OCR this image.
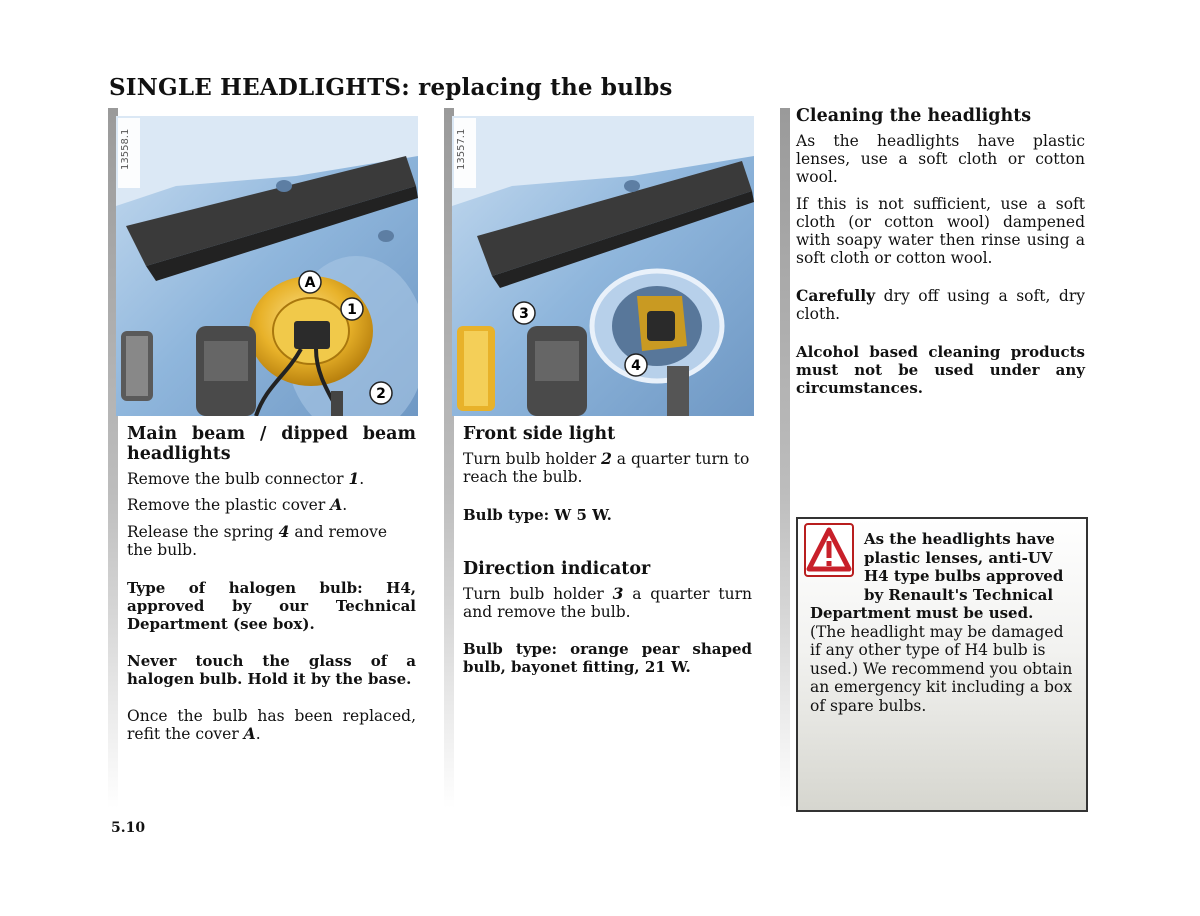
SINGLE HEADLIGHTS: replacing the bulbs
A
1
2
13558.1
3
4
13557.1
Main beam / dipped beam headlights

Remove the bulb connector 1.

Remove the plastic cover A.

Release the spring 4 and remove the bulb.

Type of halogen bulb: H4, approved by our Technical Department (see box).

Never touch the glass of a halogen bulb. Hold it by the base.

Once the bulb has been replaced, refit the cover A.

Front side light

Turn bulb holder 2 a quarter turn to reach the bulb.

Bulb type: W 5 W.

Direction indicator

Turn bulb holder 3 a quarter turn and remove the bulb.

Bulb type: orange pear shaped bulb, bayonet fitting, 21 W.

Cleaning the headlights

As the headlights have plastic lenses, use a soft cloth or cotton wool.

If this is not sufficient, use a soft cloth (or cotton wool) dampened with soapy water then rinse using a soft cloth or cotton wool.

Carefully dry off using a soft, dry cloth.

Alcohol based cleaning products must not be used under any circumstances.

As the headlights have plastic lenses, anti-UV H4 type bulbs approved by Renault's Technical Department must be used.
(The headlight may be damaged if any other type of H4 bulb is used.) We recommend you obtain an emergency kit including a box of spare bulbs.
5.10
